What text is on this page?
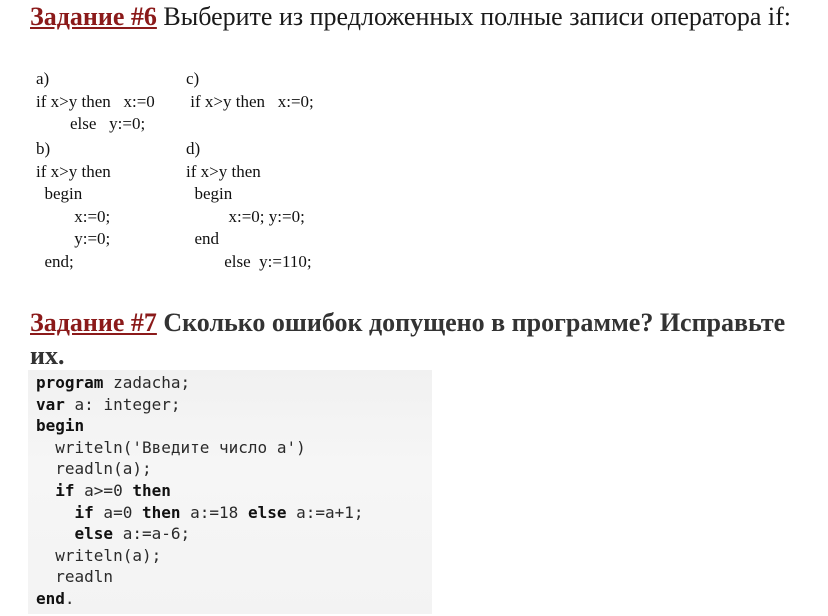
Задание #6 Выберите из предложенных полные записи оператора if:
a)
if x>y then   x:=0
else   y:=0;
c)
if x>y then   x:=0;
b)
if x>y then
begin
x:=0;
y:=0;
end;
d)
if x>y then
begin
x:=0; y:=0;
end
else  y:=110;
Задание #7 Сколько ошибок допущено в программе? Исправьте их.
program zadacha;
var a: integer;
begin
writeln('Введите число a')
readln(a);
if a>=0 then
if a=0 then a:=18 else a:=a+1;
else a:=a-6;
writeln(a);
readln
end.
